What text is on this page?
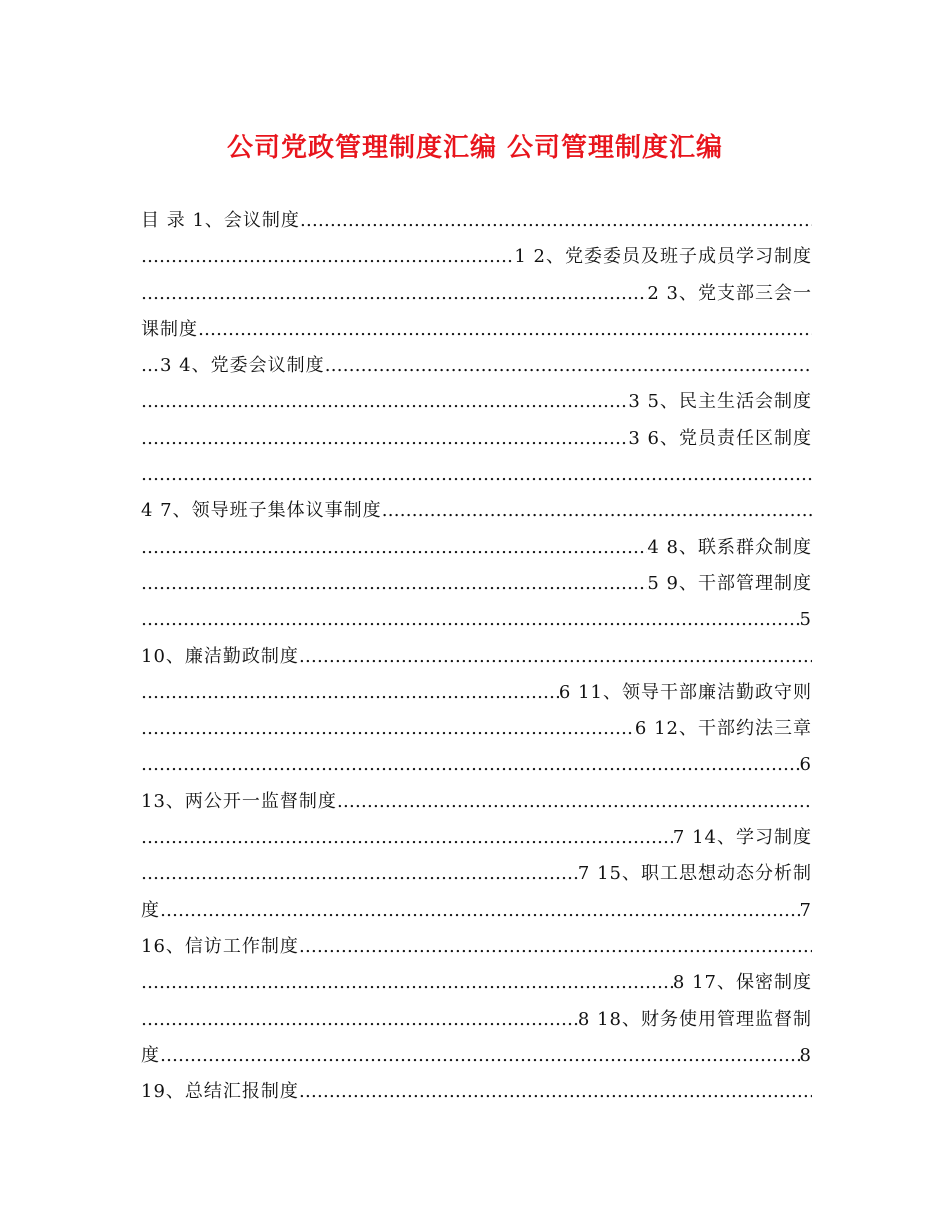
公司党政管理制度汇编 公司管理制度汇编
目 录 1、会议制度
……………………………………………………………………………………………………………………………………………………………………………………
……………………………………………………………………………………………………………………………………………………………………………………
1 2、党委委员及班子成员学习制度
……………………………………………………………………………………………………………………………………………………………………………………
2 3、党支部三会一
课制度
……………………………………………………………………………………………………………………………………………………………………………………
…3 4、党委会议制度
……………………………………………………………………………………………………………………………………………………………………………………
……………………………………………………………………………………………………………………………………………………………………………………
3 5、民主生活会制度
……………………………………………………………………………………………………………………………………………………………………………………
3 6、党员责任区制度
……………………………………………………………………………………………………………………………………………………………………………………
4 7、领导班子集体议事制度
……………………………………………………………………………………………………………………………………………………………………………………
……………………………………………………………………………………………………………………………………………………………………………………
4 8、联系群众制度
……………………………………………………………………………………………………………………………………………………………………………………
5 9、干部管理制度
……………………………………………………………………………………………………………………………………………………………………………………
5
10、廉洁勤政制度
……………………………………………………………………………………………………………………………………………………………………………………
……………………………………………………………………………………………………………………………………………………………………………………
6 11、领导干部廉洁勤政守则
……………………………………………………………………………………………………………………………………………………………………………………
6 12、干部约法三章
……………………………………………………………………………………………………………………………………………………………………………………
6
13、两公开一监督制度
……………………………………………………………………………………………………………………………………………………………………………………
……………………………………………………………………………………………………………………………………………………………………………………
7 14、学习制度
……………………………………………………………………………………………………………………………………………………………………………………
7 15、职工思想动态分析制
度 ……………………………………………………………………………………………………………………………………………………………………………………	7
16、信访工作制度
……………………………………………………………………………………………………………………………………………………………………………………
……………………………………………………………………………………………………………………………………………………………………………………
8 17、保密制度
……………………………………………………………………………………………………………………………………………………………………………………
8 18、财务使用管理监督制
度 ……………………………………………………………………………………………………………………………………………………………………………………	8
19、总结汇报制度
……………………………………………………………………………………………………………………………………………………………………………………
